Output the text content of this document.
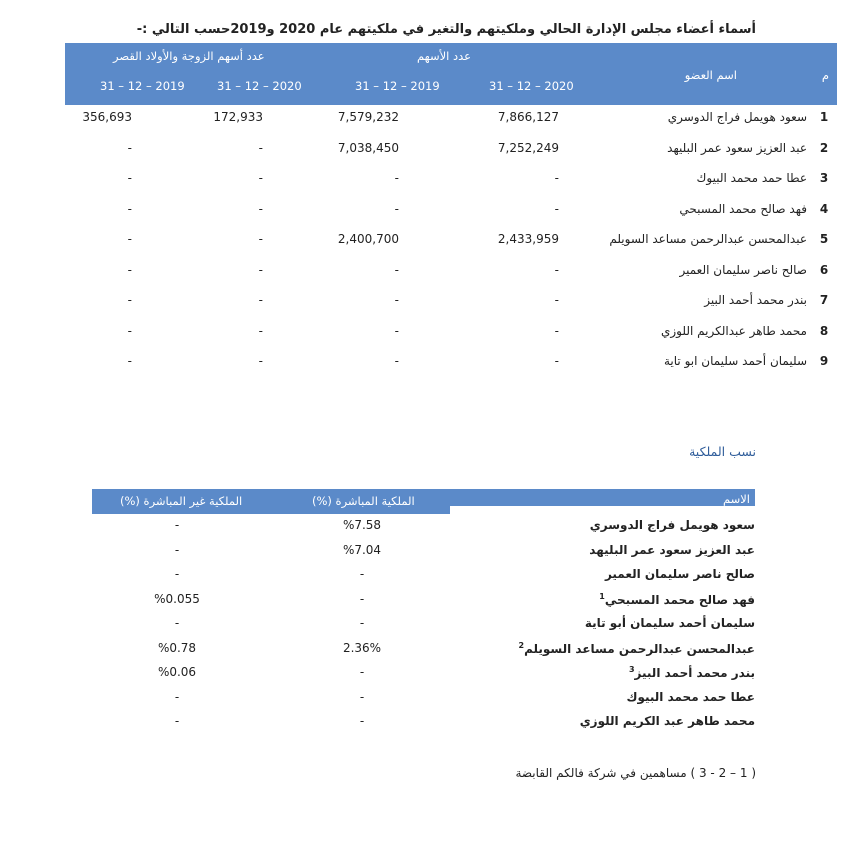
أسماء أعضاء مجلس الإدارة الحالي وملكيتهم والتغير في ملكيتهم عام 2020 و2019حسب التالي :-
م
اسم العضو
عدد الأسهم
عدد أسهم الزوجة والأولاد القصر
31 – 12 – 2020
31 – 12 – 2019
31 – 12 – 2020
31 – 12 – 2019
1
سعود هويمل فراج الدوسري
7,866,127
7,579,232
172,933
356,693
2
عبد العزيز سعود عمر البليهد
7,252,249
7,038,450
-
-
3
عطا حمد محمد البيوك
-
-
-
-
4
فهد صالح محمد المسبحي
-
-
-
-
5
عبدالمحسن عبدالرحمن مساعد السويلم
2,433,959
2,400,700
-
-
6
صالح ناصر سليمان العمير
-
-
-
-
7
بندر محمد أحمد البيز
-
-
-
-
8
محمد طاهر عبدالكريم اللوزي
-
-
-
-
9
سليمان أحمد سليمان ابو تاية
-
-
-
-
نسب الملكية
الاسم
الملكية المباشرة (%)
الملكية غير المباشرة (%)
سعود هويمل فراج الدوسري
%7.58
-
عبد العزيز سعود عمر البليهد
%7.04
-
صالح ناصر سليمان العمير
-
-
فهد صالح محمد المسبحي$^1$
-
%0.055
سليمان أحمد سليمان أبو تاية
-
-
عبدالمحسن عبدالرحمن مساعد السويلم$^2$
2.36%
%0.78
بندر محمد أحمد البيز$^3$
-
%0.06
عطا حمد محمد البيوك
-
-
محمد طاهر عبد الكريم اللوزي
-
-
( 1 – 2 - 3 ) مساهمين في شركة فالكم القابضة
